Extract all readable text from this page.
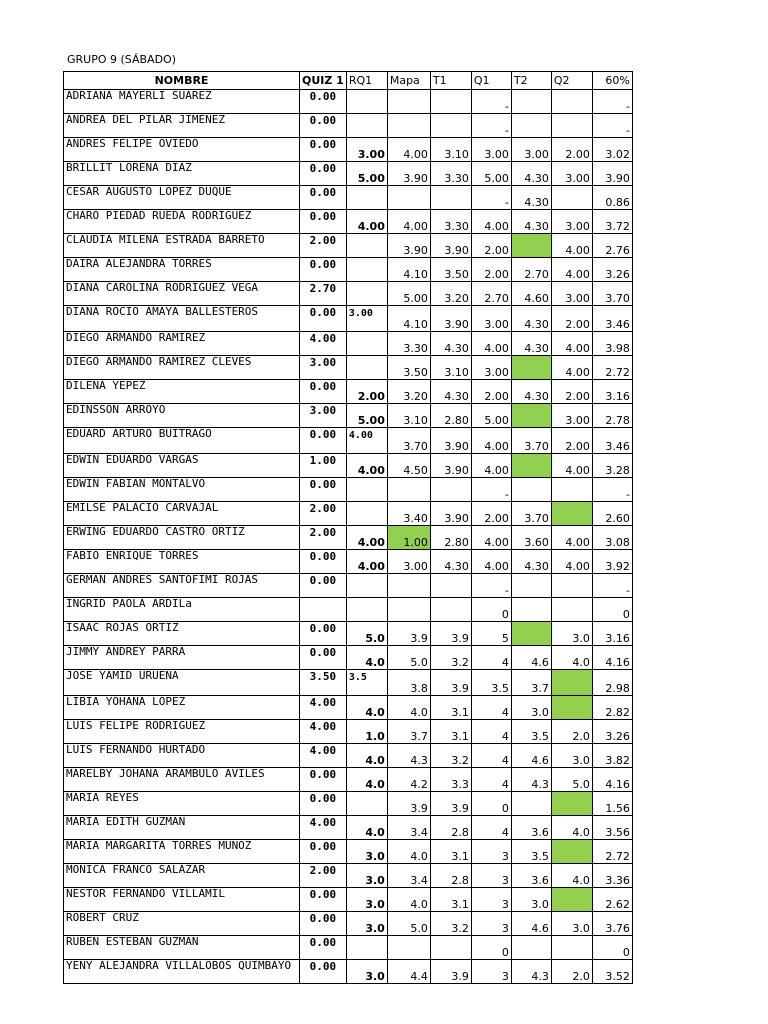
GRUPO 9 (SÁBADO)
NOMBRE	QUIZ 1	RQ1	Mapa	T1	Q1	T2	Q2	60%
ADRIANA MAYERLI SUAREZ	0.00				-			-
ANDREA DEL PILAR JIMENEZ	0.00				-			-
ANDRES FELIPE OVIEDO	0.00	3.00	4.00	3.10	3.00	3.00	2.00	3.02
BRILLIT LORENA DIAZ	0.00	5.00	3.90	3.30	5.00	4.30	3.00	3.90
CESAR AUGUSTO LOPEZ DUQUE	0.00				-	4.30		0.86
CHARO PIEDAD RUEDA RODRIGUEZ	0.00	4.00	4.00	3.30	4.00	4.30	3.00	3.72
CLAUDIA MILENA ESTRADA BARRETO	2.00		3.90	3.90	2.00		4.00	2.76
DAIRA ALEJANDRA TORRES	0.00		4.10	3.50	2.00	2.70	4.00	3.26
DIANA CAROLINA RODRIGUEZ VEGA	2.70		5.00	3.20	2.70	4.60	3.00	3.70
DIANA ROCIO AMAYA BALLESTEROS	0.00	3.00	4.10	3.90	3.00	4.30	2.00	3.46
DIEGO ARMANDO RAMIREZ	4.00		3.30	4.30	4.00	4.30	4.00	3.98
DIEGO ARMANDO RAMIREZ CLEVES	3.00		3.50	3.10	3.00		4.00	2.72
DILENA YEPEZ	0.00	2.00	3.20	4.30	2.00	4.30	2.00	3.16
EDINSSON ARROYO	3.00	5.00	3.10	2.80	5.00		3.00	2.78
EDUARD ARTURO BUITRAGO	0.00	4.00	3.70	3.90	4.00	3.70	2.00	3.46
EDWIN EDUARDO VARGAS	1.00	4.00	4.50	3.90	4.00		4.00	3.28
EDWIN FABIAN MONTALVO	0.00				-			-
EMILSE PALACIO CARVAJAL	2.00		3.40	3.90	2.00	3.70		2.60
ERWING EDUARDO CASTRO ORTIZ	2.00	4.00	1.00	2.80	4.00	3.60	4.00	3.08
FABIO ENRIQUE TORRES	0.00	4.00	3.00	4.30	4.00	4.30	4.00	3.92
GERMAN ANDRES SANTOFIMI ROJAS	0.00				-			-
INGRID PAOLA ARDILa					0			0
ISAAC ROJAS ORTIZ	0.00	5.0	3.9	3.9	5		3.0	3.16
JIMMY ANDREY PARRA	0.00	4.0	5.0	3.2	4	4.6	4.0	4.16
JOSE YAMID URUENA	3.50	3.5	3.8	3.9	3.5	3.7		2.98
LIBIA YOHANA LOPEZ	4.00	4.0	4.0	3.1	4	3.0		2.82
LUIS FELIPE RODRIGUEZ	4.00	1.0	3.7	3.1	4	3.5	2.0	3.26
LUIS FERNANDO HURTADO	4.00	4.0	4.3	3.2	4	4.6	3.0	3.82
MARELBY JOHANA ARAMBULO AVILES	0.00	4.0	4.2	3.3	4	4.3	5.0	4.16
MARIA REYES	0.00		3.9	3.9	0			1.56
MARIA EDITH GUZMAN	4.00	4.0	3.4	2.8	4	3.6	4.0	3.56
MARIA MARGARITA TORRES MUNOZ	0.00	3.0	4.0	3.1	3	3.5		2.72
MONICA FRANCO SALAZAR	2.00	3.0	3.4	2.8	3	3.6	4.0	3.36
NESTOR FERNANDO VILLAMIL	0.00	3.0	4.0	3.1	3	3.0		2.62
ROBERT CRUZ	0.00	3.0	5.0	3.2	3	4.6	3.0	3.76
RUBEN ESTEBAN GUZMAN	0.00				0			0
YENY ALEJANDRA VILLALOBOS QUIMBAYO	0.00	3.0	4.4	3.9	3	4.3	2.0	3.52
